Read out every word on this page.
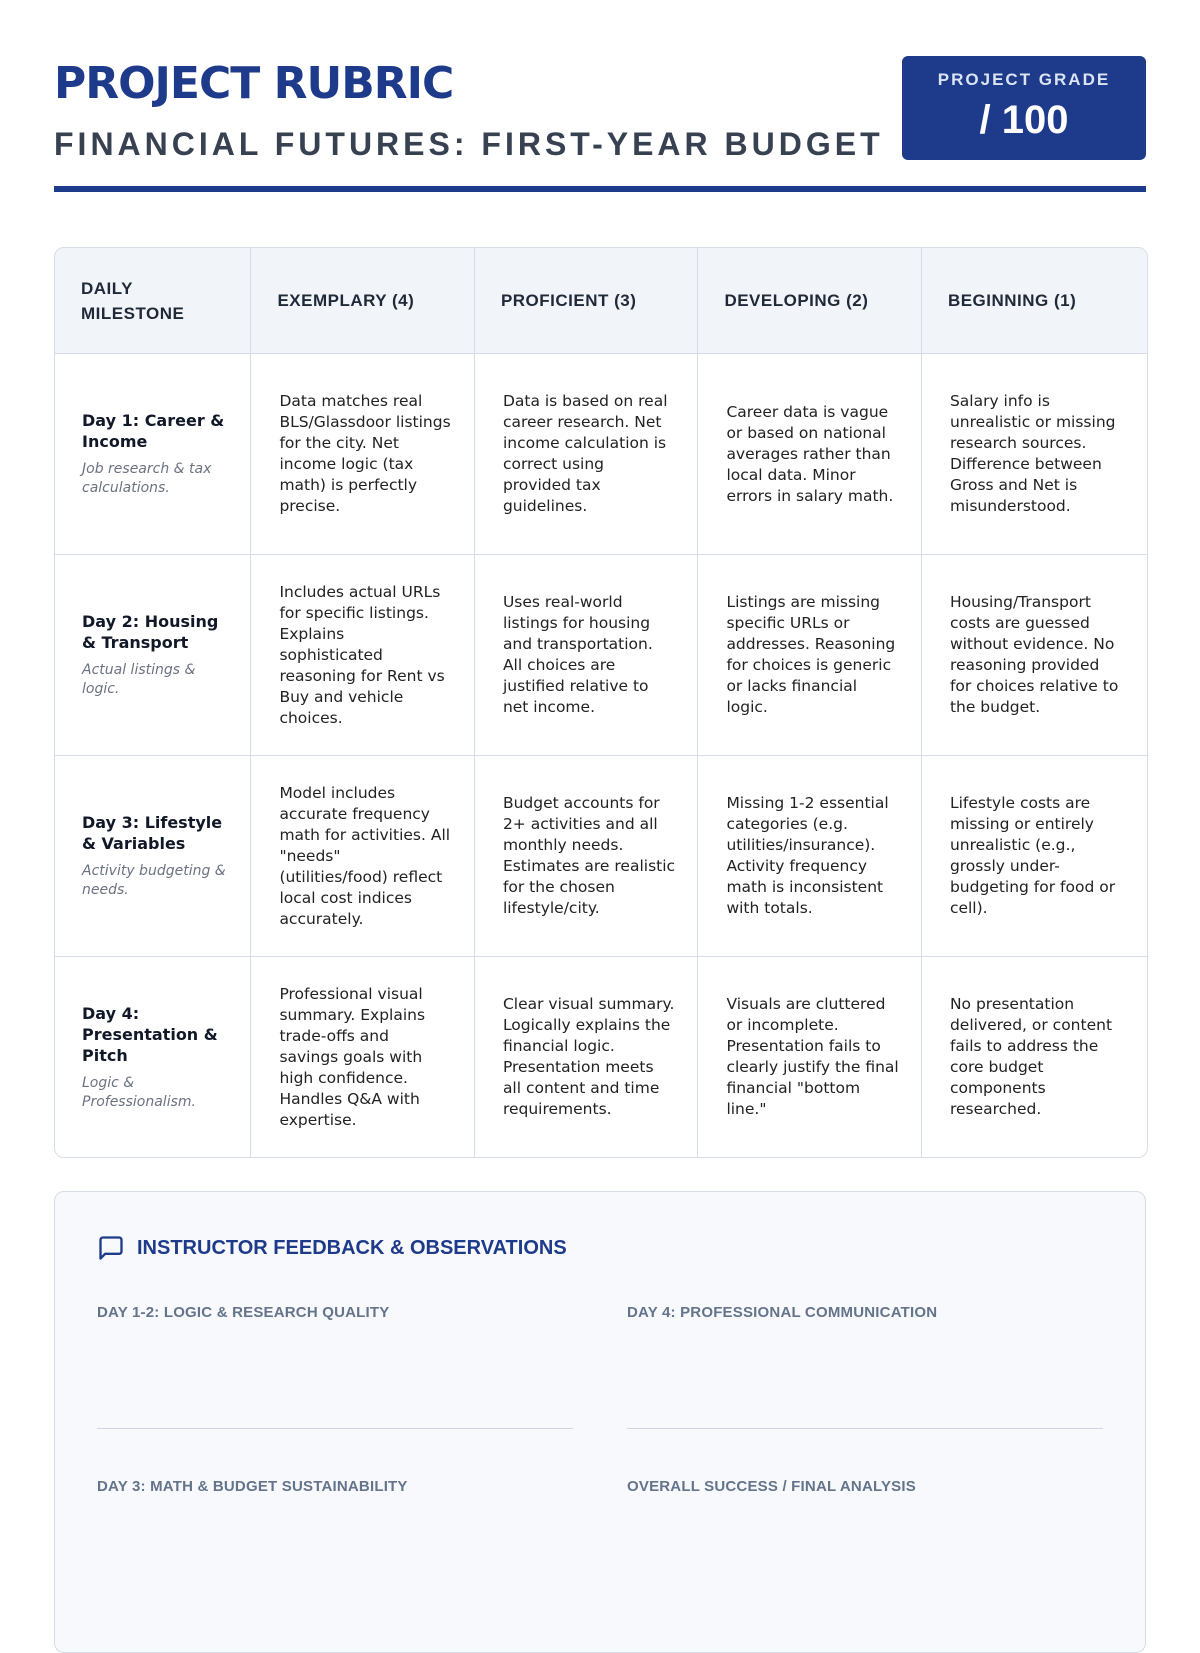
PROJECT RUBRIC
FINANCIAL FUTURES: FIRST-YEAR BUDGET
PROJECT GRADE
/ 100
DAILY MILESTONE	EXEMPLARY (4)	PROFICIENT (3)	DEVELOPING (2)	BEGINNING (1)

Day 1: Career & Income
Job research & tax calculations.	Data matches real BLS/Glassdoor listings for the city. Net income logic (tax math) is perfectly precise.	Data is based on real career research. Net income calculation is correct using provided tax guidelines.	Career data is vague or based on national averages rather than local data. Minor errors in salary math.	Salary info is unrealistic or missing research sources. Difference between Gross and Net is misunderstood.

Day 2: Housing & Transport
Actual listings & logic.	Includes actual URLs for specific listings. Explains sophisticated reasoning for Rent vs Buy and vehicle choices.	Uses real-world listings for housing and transportation. All choices are justified relative to net income.	Listings are missing specific URLs or addresses. Reasoning for choices is generic or lacks financial logic.	Housing/Transport costs are guessed without evidence. No reasoning provided for choices relative to the budget.

Day 3: Lifestyle & Variables
Activity budgeting & needs.	Model includes accurate frequency math for activities. All "needs" (utilities/food) reflect local cost indices accurately.	Budget accounts for 2+ activities and all monthly needs. Estimates are realistic for the chosen lifestyle/city.	Missing 1-2 essential categories (e.g. utilities/insurance). Activity frequency math is inconsistent with totals.	Lifestyle costs are missing or entirely unrealistic (e.g., grossly under-budgeting for food or cell).

Day 4: Presentation & Pitch
Logic & Professionalism.	Professional visual summary. Explains trade-offs and savings goals with high confidence. Handles Q&A with expertise.	Clear visual summary. Logically explains the financial logic. Presentation meets all content and time requirements.	Visuals are cluttered or incomplete. Presentation fails to clearly justify the final financial "bottom line."	No presentation delivered, or content fails to address the core budget components researched.
INSTRUCTOR FEEDBACK & OBSERVATIONS
DAY 1-2: LOGIC & RESEARCH QUALITY	DAY 4: PROFESSIONAL COMMUNICATION
DAY 3: MATH & BUDGET SUSTAINABILITY	OVERALL SUCCESS / FINAL ANALYSIS
